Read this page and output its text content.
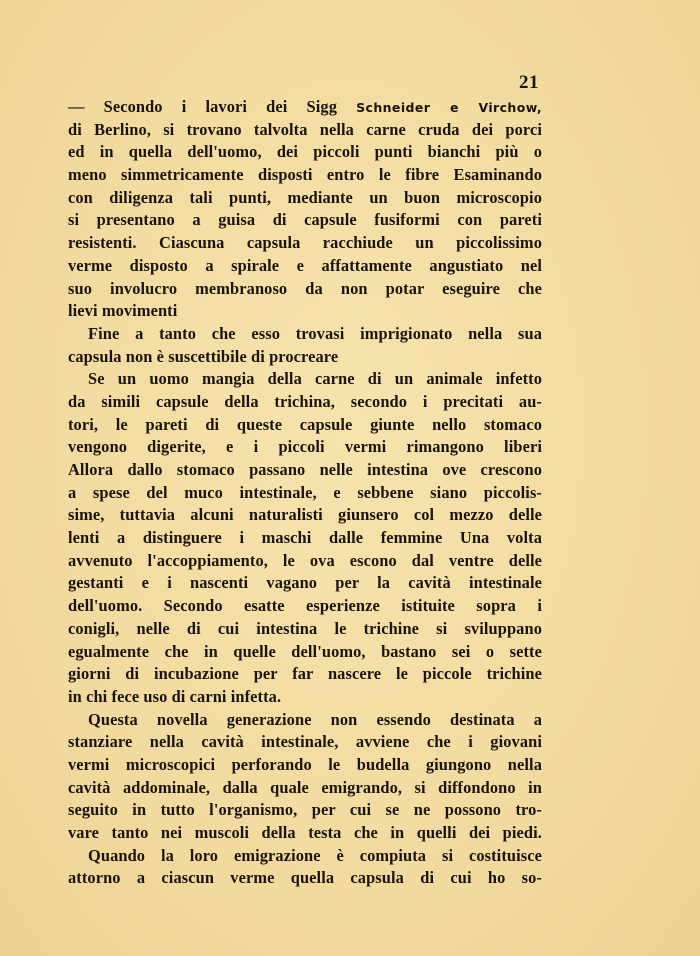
21
— Secondo i lavori dei Sigg Schneider e Virchow,
di Berlino, si trovano talvolta nella carne cruda dei porci
ed in quella dell'uomo, dei piccoli punti bianchi più o
meno simmetricamente disposti entro le fibre Esaminando
con diligenza tali punti, mediante un buon microscopio
si presentano a guisa di capsule fusiformi con pareti
resistenti. Ciascuna capsula racchiude un piccolissimo
verme disposto a spirale e affattamente angustiato nel
suo involucro membranoso da non potar eseguire che
lievi movimenti
Fine a tanto che esso trovasi imprigionato nella sua
capsula non è suscettibile di procreare
Se un uomo mangia della carne di un animale infetto
da simili capsule della trichina, secondo i precitati au-
tori, le pareti di queste capsule giunte nello stomaco
vengono digerite, e i piccoli vermi rimangono liberi
Allora dallo stomaco passano nelle intestina ove crescono
a spese del muco intestinale, e sebbene siano piccolis-
sime, tuttavia alcuni naturalisti giunsero col mezzo delle
lenti a distinguere i maschi dalle femmine Una volta
avvenuto l'accoppiamento, le ova escono dal ventre delle
gestanti e i nascenti vagano per la cavità intestinale
dell'uomo. Secondo esatte esperienze istituite sopra i
conigli, nelle di cui intestina le trichine si sviluppano
egualmente che in quelle dell'uomo, bastano sei o sette
giorni di incubazione per far nascere le piccole trichine
in chi fece uso di carni infetta.
Questa novella generazione non essendo destinata a
stanziare nella cavità intestinale, avviene che i giovani
vermi microscopici perforando le budella giungono nella
cavità addominale, dalla quale emigrando, si diffondono in
seguito in tutto l'organismo, per cui se ne possono tro-
vare tanto nei muscoli della testa che in quelli dei piedi.
Quando la loro emigrazione è compiuta si costituisce
attorno a ciascun verme quella capsula di cui ho so-
